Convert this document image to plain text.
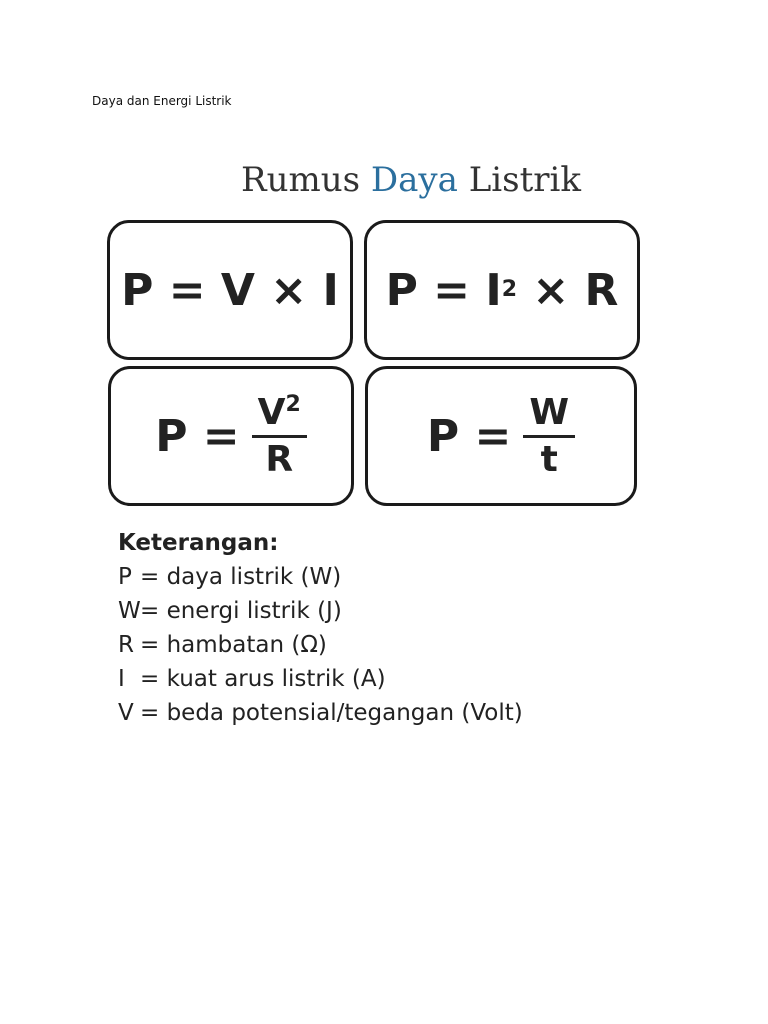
Daya dan Energi Listrik
Rumus Daya Listrik
P = V × I P = I 2 × R
$P = \frac{V^2}{R}$	$P = \frac{W}{t}$
Keterangan:
P = daya listrik (W)
W = energi listrik (J)
R = hambatan (Ω)
I = kuat arus listrik (A)
V = beda potensial/tegangan (Volt)
